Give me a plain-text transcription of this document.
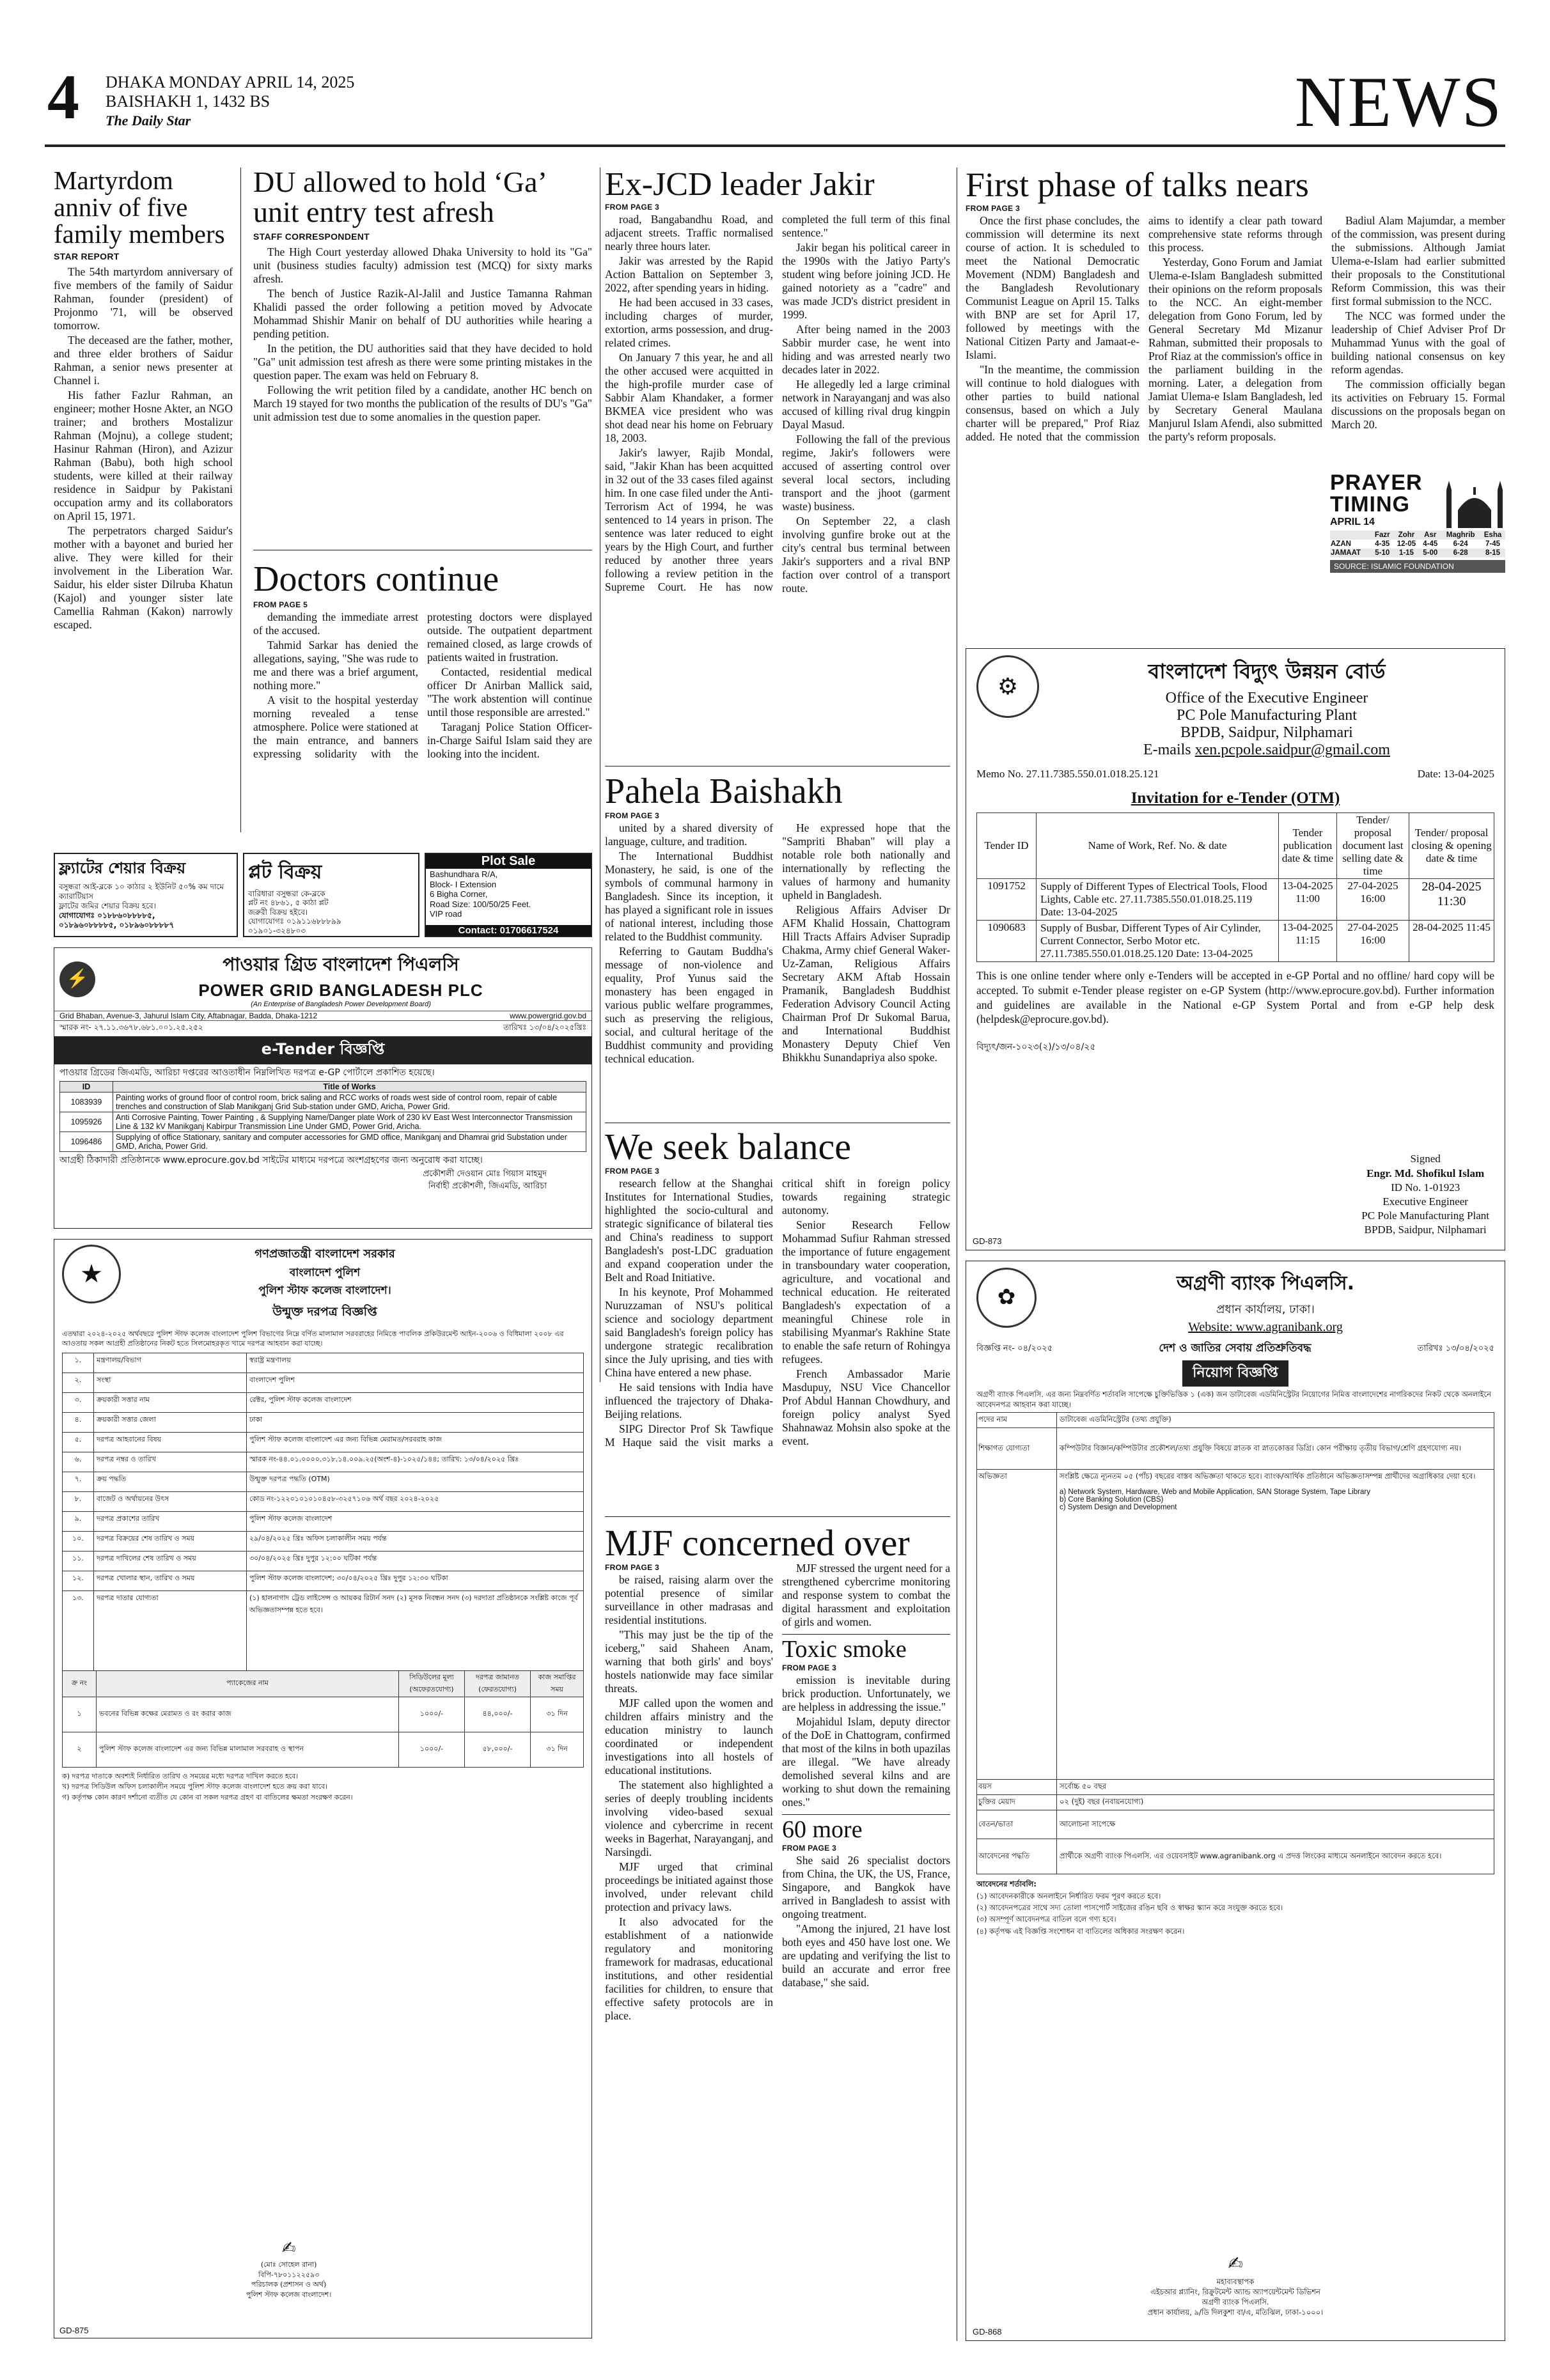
4 DHAKA MONDAY APRIL 14, 2025
BAISHAKH 1, 1432 BS
The Daily Star	NEWS
Martyrdom anniv of five family members
STAR REPORT

The 54th martyrdom anniversary of five members of the family of Saidur Rahman, founder (president) of Projonmo '71, will be observed tomorrow.

The deceased are the father, mother, and three elder brothers of Saidur Rahman, a senior news presenter at Channel i.

His father Fazlur Rahman, an engineer; mother Hosne Akter, an NGO trainer; and brothers Mostalizur Rahman (Mojnu), a college student; Hasinur Rahman (Hiron), and Azizur Rahman (Babu), both high school students, were killed at their railway residence in Saidpur by Pakistani occupation army and its collaborators on April 15, 1971.

The perpetrators charged Saidur's mother with a bayonet and buried her alive. They were killed for their involvement in the Liberation War. Saidur, his elder sister Dilruba Khatun (Kajol) and younger sister late Camellia Rahman (Kakon) narrowly escaped.

DU allowed to hold ‘Ga’ unit entry test afresh
STAFF CORRESPONDENT

The High Court yesterday allowed Dhaka University to hold its "Ga" unit (business studies faculty) admission test (MCQ) for sixty marks afresh.

The bench of Justice Razik-Al-Jalil and Justice Tamanna Rahman Khalidi passed the order following a petition moved by Advocate Mohammad Shishir Manir on behalf of DU authorities while hearing a pending petition.

In the petition, the DU authorities said that they have decided to hold "Ga" unit admission test afresh as there were some printing mistakes in the question paper. The exam was held on February 8.

Following the writ petition filed by a candidate, another HC bench on March 19 stayed for two months the publication of the results of DU's "Ga" unit admission test due to some anomalies in the question paper.

Doctors continue
FROM PAGE 5

demanding the immediate arrest of the accused.

Tahmid Sarkar has denied the allegations, saying, "She was rude to me and there was a brief argument, nothing more."

A visit to the hospital yesterday morning revealed a tense atmosphere. Police were stationed at the main entrance, and banners expressing solidarity with the protesting doctors were displayed outside. The outpatient department remained closed, as large crowds of patients waited in frustration.

Contacted, residential medical officer Dr Anirban Mallick said, "The work abstention will continue until those responsible are arrested."

Taraganj Police Station Officer-in-Charge Saiful Islam said they are looking into the incident.

ফ্ল্যাটের শেয়ার বিক্রয়
বসুন্ধরা আই-ব্লকে ১০ কাঠার ২ ইউনিট ৫০% কম দামে ক্যারাটিয়াস
ফ্লাটের জমির শেয়ার বিক্রয় হবে।
যোগাযোগঃ ০১৮৮৬০৮৮৮৮৫,
০১৮৯৬০৮৮৮৮৫, ০১৮৯৬০৮৮৮৮৭
প্লট বিক্রয়
বারিধারা বসুন্ধরা কে-ব্লকে
প্লট নং ৪৮৬১, ৫ কাঠা প্লট
জরুরী বিক্রয় হইবে।
যোগাযোগঃ ০১৯১১৬৮৮৮৯৯
০১৯০১-৩২৪৮০৩
Plot Sale
Bashundhara R/A,
Block- I Extension
6 Bigha Corner,
Road Size: 100/50/25 Feet.
VIP road
Contact: 01706617524
⚡
পাওয়ার গ্রিড বাংলাদেশ পিএলসি
POWER GRID BANGLADESH PLC
(An Enterprise of Bangladesh Power Development Board)
Grid Bhaban, Avenue-3, Jahurul Islam City, Aftabnagar, Badda, Dhaka-1212	www.powergrid.gov.bd
স্মারক নং- ২৭.১১.৩৬৭৮.৬৮১.০০১.২৫.২৫২	তারিখঃ ১৩/০৪/২০২৫খ্রিঃ
e-Tender বিজ্ঞপ্তি
পাওয়ার গ্রিডের জিএমডি, আরিচা দপ্তরের আওতাধীন নিম্নলিখিত দরপত্র e-GP পোর্টালে প্রকাশিত হয়েছে।
ID	Title of Works
1083939	Painting works of ground floor of control room, brick saling and RCC works of roads west side of control room, repair of cable trenches and construction of Slab Manikganj Grid Sub-station under GMD, Aricha, Power Grid.
1095926	Anti Corrosive Painting, Tower Painting , & Supplying Name/Danger plate Work of 230 kV East West Interconnector Transmission Line & 132 kV Manikganj Kabirpur Transmission Line Under GMD, Power Grid, Aricha.
1096486	Supplying of office Stationary, sanitary and computer accessories for GMD office, Manikganj and Dhamrai grid Substation under GMD, Aricha, Power Grid.
আগ্রহী ঠিকাদারী প্রতিষ্ঠানকে www.eprocure.gov.bd সাইটের মাধ্যমে দরপত্রে অংশগ্রহণের জন্য অনুরোধ করা যাচ্ছে।
প্রকৌশলী দেওয়ান মোঃ গিয়াস মাহমুদ
নির্বাহী প্রকৌশলী, জিএমডি, আরিচা
★
গণপ্রজাতন্ত্রী বাংলাদেশ সরকার
বাংলাদেশ পুলিশ
পুলিশ স্টাফ কলেজ বাংলাদেশ।
উন্মুক্ত দরপত্র বিজ্ঞপ্তি
এতদ্বারা ২০২৪-২০২৫ অর্থবছরে পুলিশ স্টাফ কলেজ বাংলাদেশ পুলিশ বিভাগের নিম্নে বর্ণিত মালামাল সরবরাহের নিমিত্তে পাবলিক প্রকিউরমেন্ট আইন-২০০৬ ও বিধিমালা ২০০৮ এর আওতায় সকল আগ্রহী প্রতিষ্ঠানের নিকট হতে সিলমোহরকৃত খামে দরপত্র আহবান করা যাচ্ছে।
১.	মন্ত্রণালয়/বিভাগ	স্বরাষ্ট্র মন্ত্রণালয়
২.	সংস্থা	বাংলাদেশ পুলিশ
৩.	ক্রয়কারী সত্তার নাম	রেক্টর, পুলিশ স্টাফ কলেজ বাংলাদেশ
৪.	ক্রয়কারী সত্তার জেলা	ঢাকা
৫.	দরপত্র আহবানের বিষয়	পুলিশ স্টাফ কলেজ বাংলাদেশ এর জন্য বিভিন্ন মেরামত/সরবরাহ কাজ
৬.	দরপত্র নম্বর ও তারিখ	স্মারক নং-৪৪.০১.০০০০.৩১৮.১৪.০০৯.২৫(অংশ-৪)-১০২৫/১৪৪; তারিখ: ১৩/০৪/২০২৫ খ্রিঃ
৭.	ক্রয় পদ্ধতি	উন্মুক্ত দরপত্র পদ্ধতি (OTM)
৮.	বাজেট ও অর্থায়নের উৎস	কোড নং-১২২০১০১০১০৪৫৮-৩২৫৭১০৬ অর্থ বছর ২০২৪-২০২৫
৯.	দরপত্র প্রকাশের তারিখ	পুলিশ স্টাফ কলেজ বাংলাদেশ
১০.	দরপত্র বিক্রয়ের শেষ তারিখ ও সময়	২৯/০৪/২০২৫ খ্রিঃ অফিস চলাকালীন সময় পর্যন্ত
১১.	দরপত্র দাখিলের শেষ তারিখ ও সময়	৩০/০৪/২০২৫ খ্রিঃ দুপুর ১২:০০ ঘটিকা পর্যন্ত
১২.	দরপত্র খোলার স্থান, তারিখ ও সময়	পুলিশ স্টাফ কলেজ বাংলাদেশ; ৩০/০৪/২০২৫ খ্রিঃ দুপুর ১২:৩০ ঘটিকা
১৩.	দরপত্র দাতার যোগ্যতা	(১) হালনাগাদ ট্রেড লাইসেন্স ও আয়কর রিটার্ন সনদ (২) মূসক নিবন্ধন সনদ (৩) দরদাতা প্রতিষ্ঠানকে সংশ্লিষ্ট কাজে পূর্ব অভিজ্ঞতাসম্পন্ন হতে হবে।
ক্র নং	প্যাকেজের নাম	সিডিউলের মূল্য (অফেরতযোগ্য)	দরপত্র জামানত (ফেরতযোগ্য)	কাজ সমাপ্তির সময়
১	ভবনের বিভিন্ন কক্ষের মেরামত ও রং করার কাজ	১০০০/-	৪৪,০০০/-	৩১ দিন
২	পুলিশ স্টাফ কলেজ বাংলাদেশ এর জন্য বিভিন্ন মালামাল সরবরাহ ও স্থাপন	১০০০/-	৫৮,০০০/-	৩১ দিন
ক) দরপত্র দাতাকে অবশ্যই নির্ধারিত তারিখ ও সময়ের মধ্যে দরপত্র দাখিল করতে হবে।
খ) দরপত্র সিডিউল অফিস চলাকালীন সময়ে পুলিশ স্টাফ কলেজ বাংলাদেশ হতে ক্রয় করা যাবে।
গ) কর্তৃপক্ষ কোন কারণ দর্শানো ব্যতীত যে কোন বা সকল দরপত্র গ্রহণ বা বাতিলের ক্ষমতা সংরক্ষণ করেন।
✍
(মোঃ সোহেল রানা)
বিপি-৭৮০১১২২৫৯৩
পরিচালক (প্রশাসন ও অর্থ)
পুলিশ স্টাফ কলেজ বাংলাদেশ।
GD-875
Ex-JCD leader Jakir
FROM PAGE 3

road, Bangabandhu Road, and adjacent streets. Traffic normalised nearly three hours later.

Jakir was arrested by the Rapid Action Battalion on September 3, 2022, after spending years in hiding.

He had been accused in 33 cases, including charges of murder, extortion, arms possession, and drug-related crimes.

On January 7 this year, he and all the other accused were acquitted in the high-profile murder case of Sabbir Alam Khandaker, a former BKMEA vice president who was shot dead near his home on February 18, 2003.

Jakir's lawyer, Rajib Mondal, said, "Jakir Khan has been acquitted in 32 out of the 33 cases filed against him. In one case filed under the Anti-Terrorism Act of 1994, he was sentenced to 14 years in prison. The sentence was later reduced to eight years by the High Court, and further reduced by another three years following a review petition in the Supreme Court. He has now completed the full term of this final sentence."

Jakir began his political career in the 1990s with the Jatiyo Party's student wing before joining JCD. He gained notoriety as a "cadre" and was made JCD's district president in 1999.

After being named in the 2003 Sabbir murder case, he went into hiding and was arrested nearly two decades later in 2022.

He allegedly led a large criminal network in Narayanganj and was also accused of killing rival drug kingpin Dayal Masud.

Following the fall of the previous regime, Jakir's followers were accused of asserting control over several local sectors, including transport and the jhoot (garment waste) business.

On September 22, a clash involving gunfire broke out at the city's central bus terminal between Jakir's supporters and a rival BNP faction over control of a transport route.

Pahela Baishakh
FROM PAGE 3

united by a shared diversity of language, culture, and tradition.

The International Buddhist Monastery, he said, is one of the symbols of communal harmony in Bangladesh. Since its inception, it has played a significant role in issues of national interest, including those related to the Buddhist community.

Referring to Gautam Buddha's message of non-violence and equality, Prof Yunus said the monastery has been engaged in various public welfare programmes, such as preserving the religious, social, and cultural heritage of the Buddhist community and providing technical education.

He expressed hope that the "Sampriti Bhaban" will play a notable role both nationally and internationally by reflecting the values of harmony and humanity upheld in Bangladesh.

Religious Affairs Adviser Dr AFM Khalid Hossain, Chattogram Hill Tracts Affairs Adviser Supradip Chakma, Army chief General Waker-Uz-Zaman, Religious Affairs Secretary AKM Aftab Hossain Pramanik, Bangladesh Buddhist Federation Advisory Council Acting Chairman Prof Dr Sukomal Barua, and International Buddhist Monastery Deputy Chief Ven Bhikkhu Sunandapriya also spoke.

We seek balance
FROM PAGE 3

research fellow at the Shanghai Institutes for International Studies, highlighted the socio-cultural and strategic significance of bilateral ties and China's readiness to support Bangladesh's post-LDC graduation and expand cooperation under the Belt and Road Initiative.

In his keynote, Prof Mohammed Nuruzzaman of NSU's political science and sociology department said Bangladesh's foreign policy has undergone strategic recalibration since the July uprising, and ties with China have entered a new phase.

He said tensions with India have influenced the trajectory of Dhaka-Beijing relations.

SIPG Director Prof Sk Tawfique M Haque said the visit marks a critical shift in foreign policy towards regaining strategic autonomy.

Senior Research Fellow Mohammad Sufiur Rahman stressed the importance of future engagement in transboundary water cooperation, agriculture, and vocational and technical education. He reiterated Bangladesh's expectation of a meaningful Chinese role in stabilising Myanmar's Rakhine State to enable the safe return of Rohingya refugees.

French Ambassador Marie Masdupuy, NSU Vice Chancellor Prof Abdul Hannan Chowdhury, and foreign policy analyst Syed Shahnawaz Mohsin also spoke at the event.

MJF concerned over
FROM PAGE 3

be raised, raising alarm over the potential presence of similar surveillance in other madrasas and residential institutions.

"This may just be the tip of the iceberg," said Shaheen Anam, warning that both girls' and boys' hostels nationwide may face similar threats.

MJF called upon the women and children affairs ministry and the education ministry to launch coordinated or independent investigations into all hostels of educational institutions.

The statement also highlighted a series of deeply troubling incidents involving video-based sexual violence and cybercrime in recent weeks in Bagerhat, Narayanganj, and Narsingdi.

MJF urged that criminal proceedings be initiated against those involved, under relevant child protection and privacy laws.

It also advocated for the establishment of a nationwide regulatory and monitoring framework for madrasas, educational institutions, and other residential facilities for children, to ensure that effective safety protocols are in place.

MJF stressed the urgent need for a strengthened cybercrime monitoring and response system to combat the digital harassment and exploitation of girls and women.

Toxic smoke
FROM PAGE 3

emission is inevitable during brick production. Unfortunately, we are helpless in addressing the issue."

Mojahidul Islam, deputy director of the DoE in Chattogram, confirmed that most of the kilns in both upazilas are illegal. "We have already demolished several kilns and are working to shut down the remaining ones."

60 more
FROM PAGE 3

She said 26 specialist doctors from China, the UK, the US, France, Singapore, and Bangkok have arrived in Bangladesh to assist with ongoing treatment.

"Among the injured, 21 have lost both eyes and 450 have lost one. We are updating and verifying the list to build an accurate and error free database," she said.

First phase of talks nears
FROM PAGE 3

Once the first phase concludes, the commission will determine its next course of action. It is scheduled to meet the National Democratic Movement (NDM) Bangladesh and the Bangladesh Revolutionary Communist League on April 15. Talks with BNP are set for April 17, followed by meetings with the National Citizen Party and Jamaat-e-Islami.

"In the meantime, the commission will continue to hold dialogues with other parties to build national consensus, based on which a July charter will be prepared," Prof Riaz added. He noted that the commission aims to identify a clear path toward comprehensive state reforms through this process.

Yesterday, Gono Forum and Jamiat Ulema-e-Islam Bangladesh submitted their opinions on the reform proposals to the NCC. An eight-member delegation from Gono Forum, led by General Secretary Md Mizanur Rahman, submitted their proposals to Prof Riaz at the commission's office in the parliament building in the morning. Later, a delegation from Jamiat Ulema-e Islam Bangladesh, led by Secretary General Maulana Manjurul Islam Afendi, also submitted the party's reform proposals.

Badiul Alam Majumdar, a member of the commission, was present during the submissions. Although Jamiat Ulema-e-Islam had earlier submitted their proposals to the Constitutional Reform Commission, this was their first formal submission to the NCC.

The NCC was formed under the leadership of Chief Adviser Prof Dr Muhammad Yunus with the goal of building national consensus on key reform agendas.

The commission officially began its activities on February 15. Formal discussions on the proposals began on March 20.

PRAYER
TIMING
APRIL 14
	Fazr	Zohr	Asr	Maghrib	Esha
AZAN	4-35	12-05	4-45	6-24	7-45
JAMAAT	5-10	1-15	5-00	6-28	8-15
SOURCE: ISLAMIC FOUNDATION
⚙
বাংলাদেশ বিদ্যুৎ উন্নয়ন বোর্ড
Office of the Executive Engineer
PC Pole Manufacturing Plant
BPDB, Saidpur, Nilphamari
E-mails xen.pcpole.saidpur@gmail.com
Memo No. 27.11.7385.550.01.018.25.121	Date: 13-04-2025
Invitation for e-Tender (OTM)
Tender ID	Name of Work, Ref. No. & date	Tender publication date & time	Tender/ proposal document last selling date & time	Tender/ proposal closing & opening date & time
1091752	Supply of Different Types of Electrical Tools, Flood Lights, Cable etc. 27.11.7385.550.01.018.25.119 Date: 13-04-2025	13-04-2025 11:00	27-04-2025 16:00	28-04-2025 11:30
1090683	Supply of Busbar, Different Types of Air Cylinder, Current Connector, Serbo Motor etc. 27.11.7385.550.01.018.25.120 Date: 13-04-2025	13-04-2025 11:15	27-04-2025 16:00	28-04-2025 11:45
This is one online tender where only e-Tenders will be accepted in e-GP Portal and no offline/ hard copy will be accepted. To submit e-Tender please register on e-GP System (http://www.eprocure.gov.bd). Further information and guidelines are available in the National e-GP System Portal and from e-GP help desk (helpdesk@eprocure.gov.bd).
বিদ্যুৎ/জন-১০২৩(২)/১৩/০৪/২৫
Signed
Engr. Md. Shofikul Islam
ID No. 1-01923
Executive Engineer
PC Pole Manufacturing Plant
BPDB, Saidpur, Nilphamari
GD-873
✿
অগ্রণী ব্যাংক পিএলসি.
প্রধান কার্যালয়, ঢাকা।
Website: www.agranibank.org
বিজ্ঞপ্তি নং- ০৪/২০২৫	দেশ ও জাতির সেবায় প্রতিশ্রুতিবদ্ধ	তারিখঃ ১৩/০৪/২০২৫
নিয়োগ বিজ্ঞপ্তি
অগ্রণী ব্যাংক পিএলসি. এর জন্য নিম্নবর্ণিত শর্তাবলি সাপেক্ষে চুক্তিভিত্তিক ১ (এক) জন ডাটাবেজ এডমিনিস্ট্রেটর নিয়োগের নিমিত্ত বাংলাদেশের নাগরিকদের নিকট থেকে অনলাইনে আবেদনপত্র আহবান করা যাচ্ছে।
পদের নাম	ডাটাবেজ এডমিনিস্ট্রেটর (তথ্য প্রযুক্তি)
শিক্ষাগত যোগ্যতা	কম্পিউটার বিজ্ঞান/কম্পিউটার প্রকৌশল/তথ্য প্রযুক্তি বিষয়ে স্নাতক বা স্নাতকোত্তর ডিগ্রি। কোন পরীক্ষায় তৃতীয় বিভাগ/শ্রেণি গ্রহণযোগ্য নয়।
অভিজ্ঞতা	সংশ্লিষ্ট ক্ষেত্রে ন্যূনতম ০৫ (পাঁচ) বছরের বাস্তব অভিজ্ঞতা থাকতে হবে। ব্যাংক/আর্থিক প্রতিষ্ঠানে অভিজ্ঞতাসম্পন্ন প্রার্থীদের অগ্রাধিকার দেয়া হবে।
a) Network System, Hardware, Web and Mobile Application, SAN Storage System, Tape Library
b) Core Banking Solution (CBS)
c) System Design and Development

বয়স	সর্বোচ্চ ৫০ বছর
চুক্তির মেয়াদ	০২ (দুই) বছর (নবায়নযোগ্য)
বেতন/ভাতা	আলোচনা সাপেক্ষে
আবেদনের পদ্ধতি	প্রার্থীকে অগ্রণী ব্যাংক পিএলসি. এর ওয়েবসাইট www.agranibank.org এ প্রদত্ত লিংকের মাধ্যমে অনলাইনে আবেদন করতে হবে।
আবেদনের শর্তাবলি:
(১) আবেদনকারীকে অনলাইনে নির্ধারিত ফরম পূরণ করতে হবে।
(২) আবেদনপত্রের সাথে সদ্য তোলা পাসপোর্ট সাইজের রঙিন ছবি ও স্বাক্ষর স্ক্যান করে সংযুক্ত করতে হবে।
(৩) অসম্পূর্ণ আবেদনপত্র বাতিল বলে গণ্য হবে।
(৪) কর্তৃপক্ষ এই বিজ্ঞপ্তি সংশোধন বা বাতিলের অধিকার সংরক্ষণ করেন।
✍
মহাব্যবস্থাপক
এইচআর প্ল্যানিং, রিক্রুটমেন্ট অ্যান্ড অ্যাপয়েন্টমেন্ট ডিভিশন
অগ্রণী ব্যাংক পিএলসি.
প্রধান কার্যালয়, ৯/ডি দিলকুশা বা/এ, মতিঝিল, ঢাকা-১০০০।
GD-868
